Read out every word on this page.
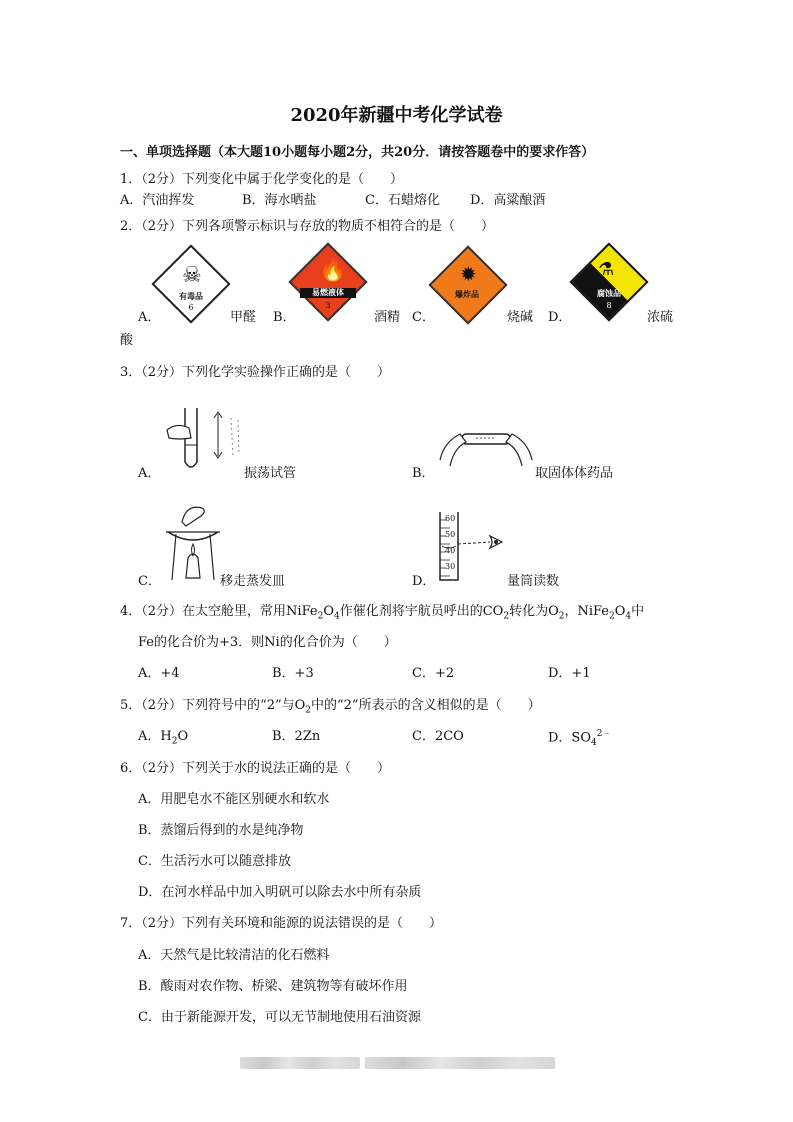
2020年新疆中考化学试卷
一、单项选择题（本大题10小题每小题2分，共20分．请按答题卷中的要求作答）
1．（2分）下列变化中属于化学变化的是（　　）
A．汽油挥发	B．海水晒盐	C．石蜡熔化 D．高粱酿酒
2．（2分）下列各项警示标识与存放的物质不相符合的是（　　）
☠
有毒品
6
A．	甲醛
🔥
易燃液体
3
B．	酒精
✹
爆炸品
C．	烧碱
⚗
腐蚀品
8
D．	浓硫
酸
3．（2分）下列化学实验操作正确的是（　　）
A．	振荡试管	B．	取固体体药品
C．	移走蒸发皿
60
50
40
30
D．	量筒读数
4．（2分）在太空舱里，常用$NiFe_2O_4$作催化剂将宇航员呼出的$CO_2$转化为$O_2$，$NiFe_2O_4$中
Fe的化合价为+3．则Ni的化合价为（　　）
A．+4	B．+3	C．+2	D．+1
5．（2分）下列符号中的“2”与$O_2$中的“2”所表示的含义相似的是（　　）
A．$H_2O$	B．2Zn	C．2CO	D．$SO_4^{2﹣}$
6．（2分）下列关于水的说法正确的是（　　）
A．用肥皂水不能区别硬水和软水
B．蒸馏后得到的水是纯净物
C．生活污水可以随意排放
D．在河水样品中加入明矾可以除去水中所有杂质
7．（2分）下列有关环境和能源的说法错误的是（　　）
A．天然气是比较清洁的化石燃料
B．酸雨对农作物、桥梁、建筑物等有破坏作用
C．由于新能源开发，可以无节制地使用石油资源
